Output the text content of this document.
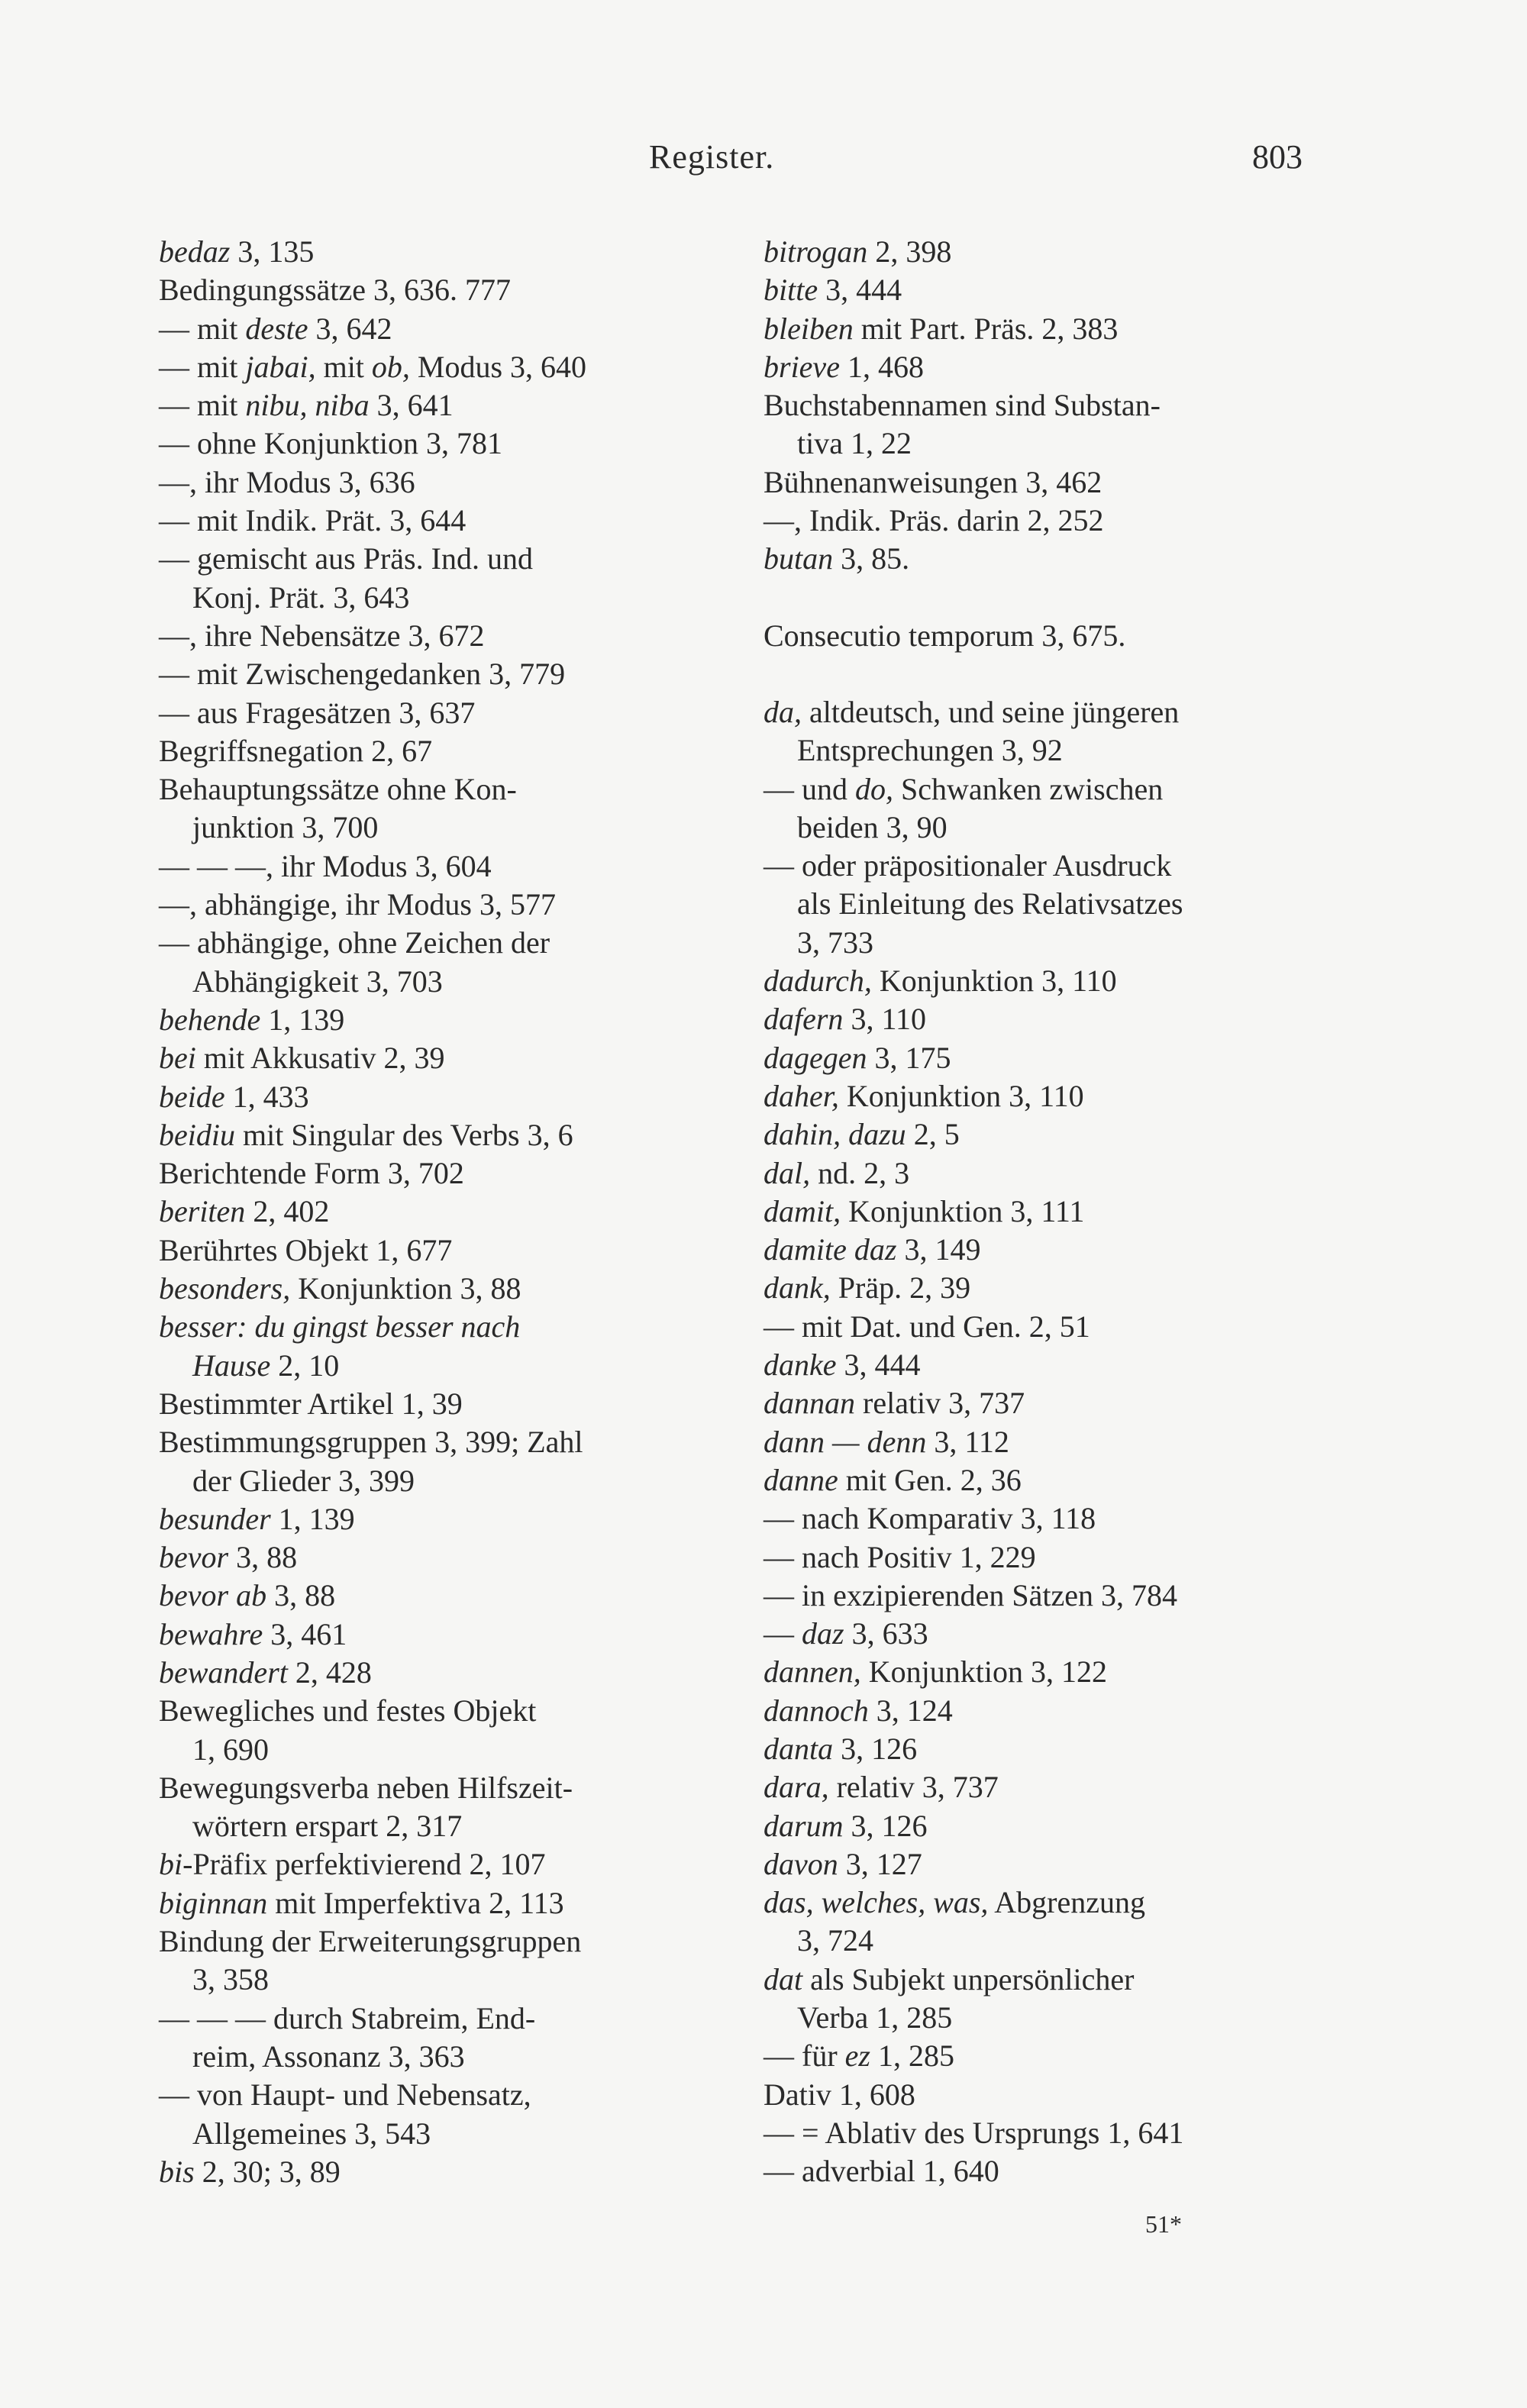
Register.	803
bedaz 3, 135
Bedingungssätze 3, 636. 777
— mit deste 3, 642
— mit jabai, mit ob, Modus 3, 640
— mit nibu, niba 3, 641
— ohne Konjunktion 3, 781
—, ihr Modus 3, 636
— mit Indik. Prät. 3, 644
— gemischt aus Präs. Ind. und
Konj. Prät. 3, 643
—, ihre Nebensätze 3, 672
— mit Zwischengedanken 3, 779
— aus Fragesätzen 3, 637
Begriffsnegation 2, 67
Behauptungssätze ohne Kon-
junktion 3, 700
— — —, ihr Modus 3, 604
—, abhängige, ihr Modus 3, 577
— abhängige, ohne Zeichen der
Abhängigkeit 3, 703
behende 1, 139
bei mit Akkusativ 2, 39
beide 1, 433
beidiu mit Singular des Verbs 3, 6
Berichtende Form 3, 702
beriten 2, 402
Berührtes Objekt 1, 677
besonders, Konjunktion 3, 88
besser: du gingst besser nach
Hause 2, 10
Bestimmter Artikel 1, 39
Bestimmungsgruppen 3, 399; Zahl
der Glieder 3, 399
besunder 1, 139
bevor 3, 88
bevor ab 3, 88
bewahre 3, 461
bewandert 2, 428
Bewegliches und festes Objekt
1, 690
Bewegungsverba neben Hilfszeit-
wörtern erspart 2, 317
bi-Präfix perfektivierend 2, 107
biginnan mit Imperfektiva 2, 113
Bindung der Erweiterungsgruppen
3, 358
— — — durch Stabreim, End-
reim, Assonanz 3, 363
— von Haupt- und Nebensatz,
Allgemeines 3, 543
bis 2, 30; 3, 89
bitrogan 2, 398
bitte 3, 444
bleiben mit Part. Präs. 2, 383
brieve 1, 468
Buchstabennamen sind Substan-
tiva 1, 22
Bühnenanweisungen 3, 462
—, Indik. Präs. darin 2, 252
butan 3, 85.
Consecutio temporum 3, 675.
da, altdeutsch, und seine jüngeren
Entsprechungen 3, 92
— und do, Schwanken zwischen
beiden 3, 90
— oder präpositionaler Ausdruck
als Einleitung des Relativsatzes
3, 733
dadurch, Konjunktion 3, 110
dafern 3, 110
dagegen 3, 175
daher, Konjunktion 3, 110
dahin, dazu 2, 5
dal, nd. 2, 3
damit, Konjunktion 3, 111
damite daz 3, 149
dank, Präp. 2, 39
— mit Dat. und Gen. 2, 51
danke 3, 444
dannan relativ 3, 737
dann — denn 3, 112
danne mit Gen. 2, 36
— nach Komparativ 3, 118
— nach Positiv 1, 229
— in exzipierenden Sätzen 3, 784
— daz 3, 633
dannen, Konjunktion 3, 122
dannoch 3, 124
danta 3, 126
dara, relativ 3, 737
darum 3, 126
davon 3, 127
das, welches, was, Abgrenzung
3, 724
dat als Subjekt unpersönlicher
Verba 1, 285
— für ez 1, 285
Dativ 1, 608
— = Ablativ des Ursprungs 1, 641
— adverbial 1, 640
51*
